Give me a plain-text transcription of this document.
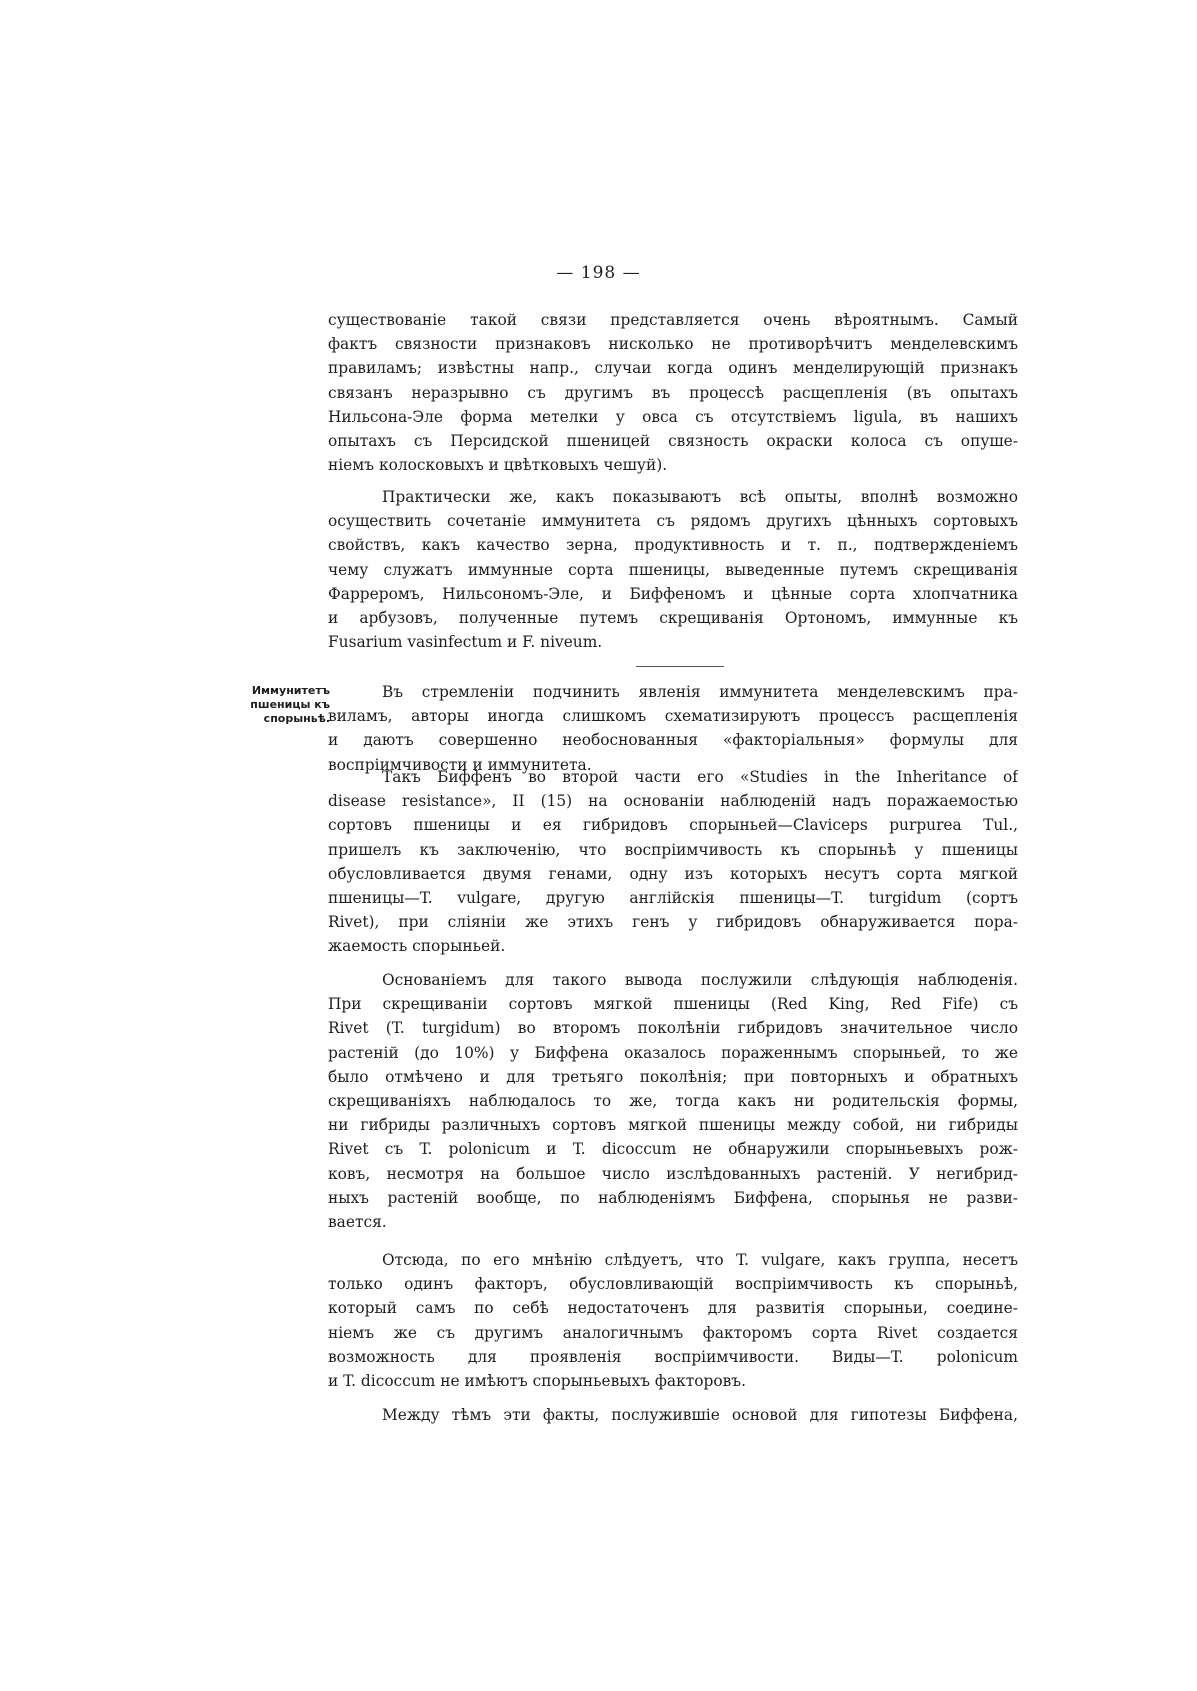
— 198 —
существованіе такой связи представляется очень вѣроятнымъ. Самый
фактъ связности признаковъ нисколько не противорѣчитъ менделевскимъ
правиламъ; извѣстны напр., случаи когда одинъ менделирующій признакъ
связанъ неразрывно съ другимъ въ процессѣ расщепленія (въ опытахъ
Нильсона-Эле форма метелки у овса съ отсутствіемъ ligula, въ нашихъ
опытахъ съ Персидской пшеницей связность окраски колоса съ опуше-
ніемъ колосковыхъ и цвѣтковыхъ чешуй).
Практически же, какъ показываютъ всѣ опыты, вполнѣ возможно
осуществить сочетаніе иммунитета съ рядомъ другихъ цѣнныхъ сортовыхъ
свойствъ, какъ качество зерна, продуктивность и т. п., подтвержденіемъ
чему служатъ иммунные сорта пшеницы, выведенные путемъ скрещиванія
Фарреромъ, Нильсономъ-Эле, и Биффеномъ и цѣнные сорта хлопчатника
и арбузовъ, полученные путемъ скрещиванія Ортономъ, иммунные къ
Fusarium vasinfectum и F. niveum.
Иммунитетъ
пшеницы къ
спорыньѣ.
Въ стремленіи подчинить явленія иммунитета менделевскимъ пра-
виламъ, авторы иногда слишкомъ схематизируютъ процессъ расщепленія
и даютъ совершенно необоснованныя «факторіальныя» формулы для
воспріимчивости и иммунитета.
Такъ Биффенъ во второй части его «Studies in the Inheritance of
disease resistance», II (15) на основаніи наблюденій надъ поражаемостью
сортовъ пшеницы и ея гибридовъ спорыньей—Claviceps purpurea Tul.,
пришелъ къ заключенію, что воспріимчивость къ спорыньѣ у пшеницы
обусловливается двумя генами, одну изъ которыхъ несутъ сорта мягкой
пшеницы—T. vulgare, другую англійскія пшеницы—T. turgidum (сортъ
Rivet), при сліяніи же этихъ генъ у гибридовъ обнаруживается пора-
жаемость спорыньей.
Основаніемъ для такого вывода послужили слѣдующія наблюденія.
При скрещиваніи сортовъ мягкой пшеницы (Red King, Red Fife) съ
Rivet (T. turgidum) во второмъ поколѣніи гибридовъ значительное число
растеній (до 10%) у Биффена оказалось пораженнымъ спорыньей, то же
было отмѣчено и для третьяго поколѣнія; при повторныхъ и обратныхъ
скрещиваніяхъ наблюдалось то же, тогда какъ ни родительскія формы,
ни гибриды различныхъ сортовъ мягкой пшеницы между собой, ни гибриды
Rivet съ T. polonicum и T. dicoccum не обнаружили спорыньевыхъ рож-
ковъ, несмотря на большое число изслѣдованныхъ растеній. У негибрид-
ныхъ растеній вообще, по наблюденіямъ Биффена, спорынья не разви-
вается.
Отсюда, по его мнѣнію слѣдуетъ, что T. vulgare, какъ группа, несетъ
только одинъ факторъ, обусловливающій воспріимчивость къ спорыньѣ,
который самъ по себѣ недостаточенъ для развитія спорыньи, соедине-
ніемъ же съ другимъ аналогичнымъ факторомъ сорта Rivet создается
возможность для проявленія воспріимчивости. Виды—T. polonicum
и T. dicoccum не имѣютъ спорыньевыхъ факторовъ.
Между тѣмъ эти факты, послужившіе основой для гипотезы Биффена,
